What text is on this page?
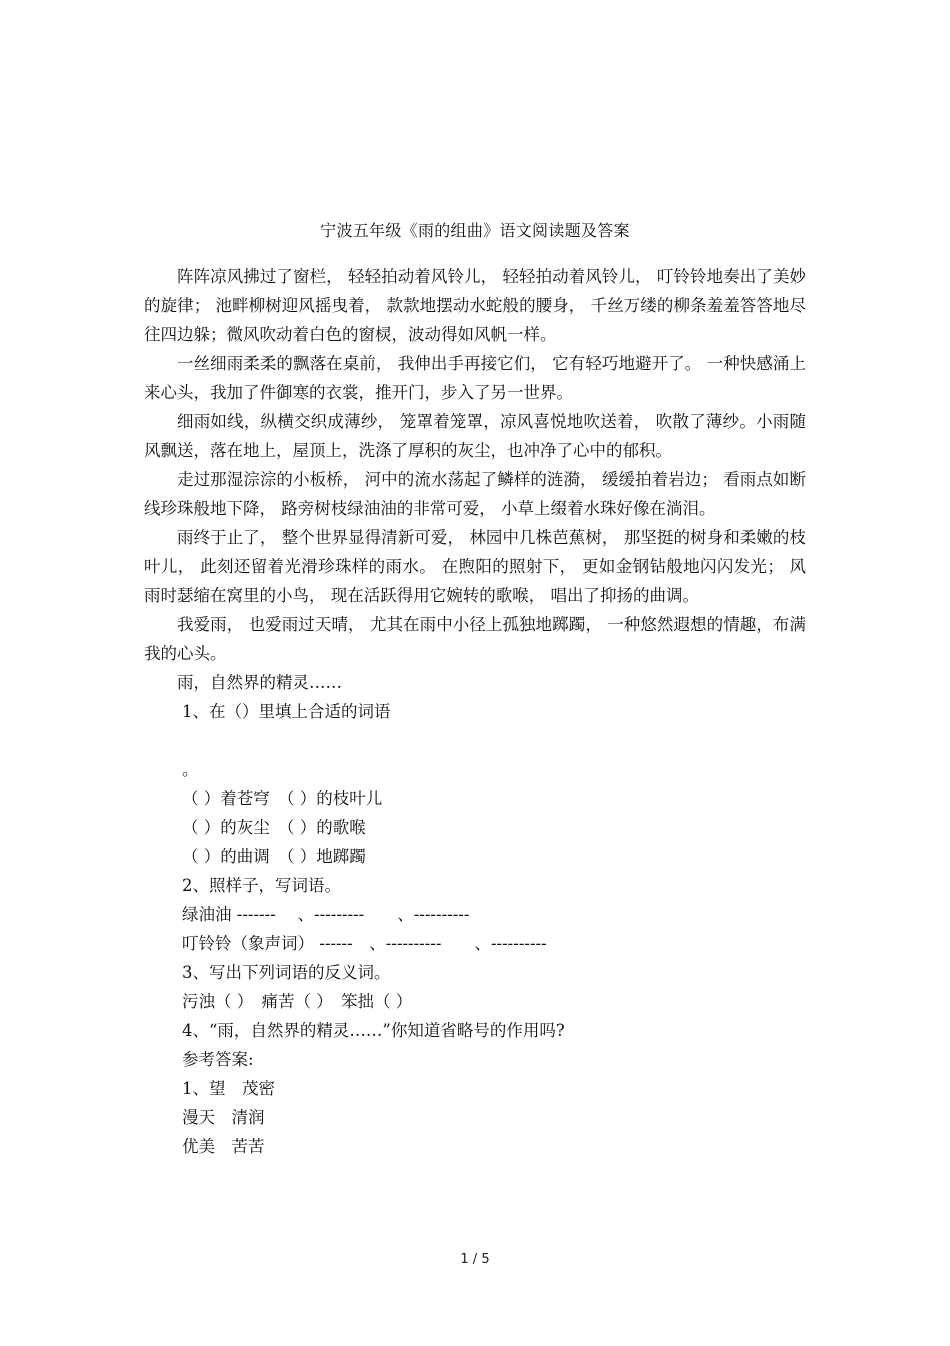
宁波五年级《雨的组曲》语文阅读题及答案

阵阵凉风拂过了窗栏， 轻轻拍动着风铃儿， 轻轻拍动着风铃儿， 叮铃铃地奏出了美妙的旋律； 池畔柳树迎风摇曳着， 款款地摆动水蛇般的腰身， 千丝万缕的柳条羞羞答答地尽往四边躲；微风吹动着白色的窗棂，波动得如风帆一样。

一丝细雨柔柔的飘落在桌前， 我伸出手再接它们， 它有轻巧地避开了。 一种快感涌上来心头，我加了件御寒的衣裳，推开门，步入了另一世界。

细雨如线，纵横交织成薄纱， 笼罩着笼罩，凉风喜悦地吹送着， 吹散了薄纱。小雨随风飘送，落在地上，屋顶上，洗涤了厚积的灰尘，也冲净了心中的郁积。

走过那湿淙淙的小板桥， 河中的流水荡起了鳞样的涟漪， 缓缓拍着岩边； 看雨点如断线珍珠般地下降， 路旁树枝绿油油的非常可爱， 小草上缀着水珠好像在淌泪。

雨终于止了， 整个世界显得清新可爱， 林园中几株芭蕉树， 那坚挺的树身和柔嫩的枝叶儿， 此刻还留着光滑珍珠样的雨水。 在煦阳的照射下， 更如金钢钻般地闪闪发光； 风雨时瑟缩在窝里的小鸟， 现在活跃得用它婉转的歌喉， 唱出了抑扬的曲调。

我爱雨， 也爱雨过天晴， 尤其在雨中小径上孤独地踯躅， 一种悠然遐想的情趣，布满我的心头。

雨，自然界的精灵……

1、在（）里填上合适的词语

。

（ ）着苍穹　（ ）的枝叶儿

（ ）的灰尘　（ ）的歌喉

（ ）的曲调　（ ）地踯躅

2、照样子，写词语。

绿油油 -------　 、---------　　、----------

叮铃铃（象声词） ------　、----------　　、----------

3、写出下列词语的反义词。

污浊（ ）　痛苦（ ）　笨拙（ ）

4、“雨，自然界的精灵……”你知道省略号的作用吗?

参考答案:

1、望　茂密

漫天　清润

优美　苦苦

1 / 5
